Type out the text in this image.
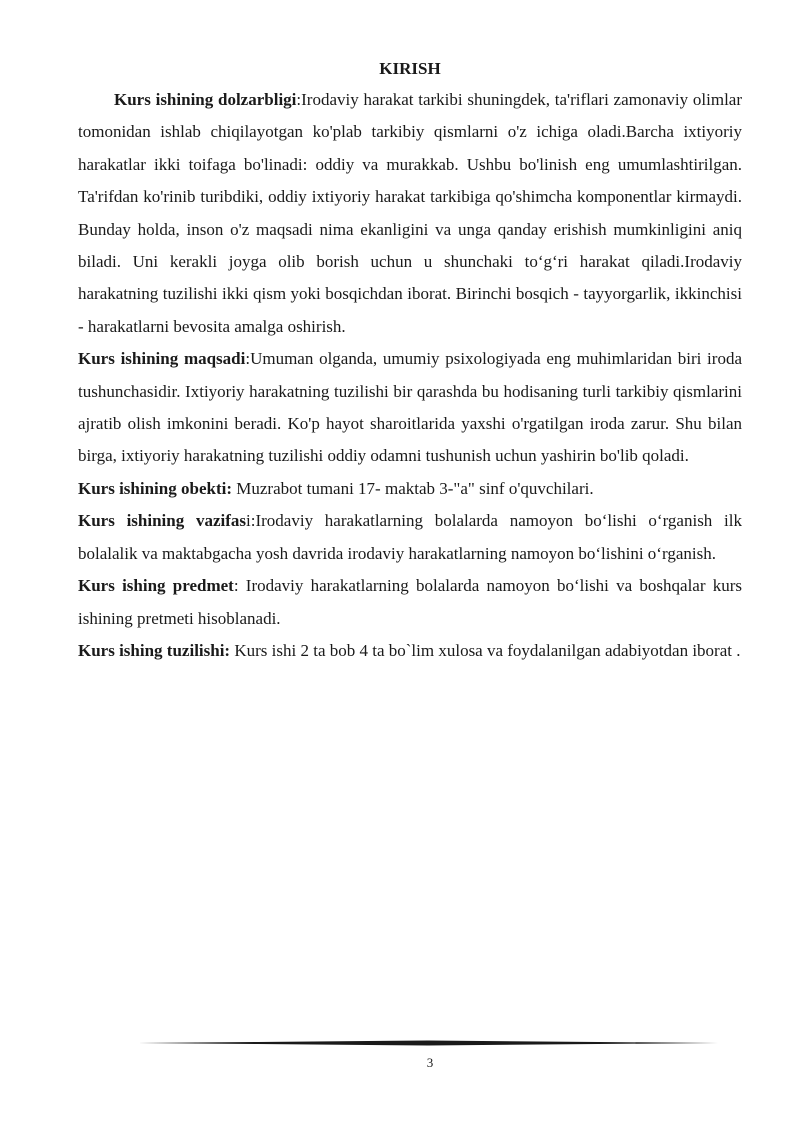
KIRISH

Kurs ishining dolzarbligi:Irodaviy harakat tarkibi shuningdek, ta'riflari zamonaviy olimlar tomonidan ishlab chiqilayotgan ko'plab tarkibiy qismlarni o'z ichiga oladi.Barcha ixtiyoriy harakatlar ikki toifaga bo'linadi: oddiy va murakkab. Ushbu bo'linish eng umumlashtirilgan. Ta'rifdan ko'rinib turibdiki, oddiy ixtiyoriy harakat tarkibiga qo'shimcha komponentlar kirmaydi. Bunday holda, inson o'z maqsadi nima ekanligini va unga qanday erishish mumkinligini aniq biladi. Uni kerakli joyga olib borish uchun u shunchaki to‘g‘ri harakat qiladi.Irodaviy harakatning tuzilishi ikki qism yoki bosqichdan iborat. Birinchi bosqich - tayyorgarlik, ikkinchisi - harakatlarni bevosita amalga oshirish.

Kurs ishining maqsadi:Umuman olganda, umumiy psixologiyada eng muhimlaridan biri iroda tushunchasidir. Ixtiyoriy harakatning tuzilishi bir qarashda bu hodisaning turli tarkibiy qismlarini ajratib olish imkonini beradi. Ko'p hayot sharoitlarida yaxshi o'rgatilgan iroda zarur. Shu bilan birga, ixtiyoriy harakatning tuzilishi oddiy odamni tushunish uchun yashirin bo'lib qoladi.

Kurs ishining obekti: Muzrabot tumani 17- maktab 3-"a" sinf o'quvchilari.

Kurs ishining vazifasi:Irodaviy harakatlarning bolalarda namoyon bo‘lishi o‘rganish ilk bolalalik va maktabgacha yosh davrida irodaviy harakatlarning namoyon bo‘lishini o‘rganish.

Kurs ishing predmet: Irodaviy harakatlarning bolalarda namoyon bo‘lishi va boshqalar kurs ishining pretmeti hisoblanadi.

Kurs ishing tuzilishi: Kurs ishi 2 ta bob 4 ta bo`lim xulosa va foydalanilgan adabiyotdan iborat .

3
